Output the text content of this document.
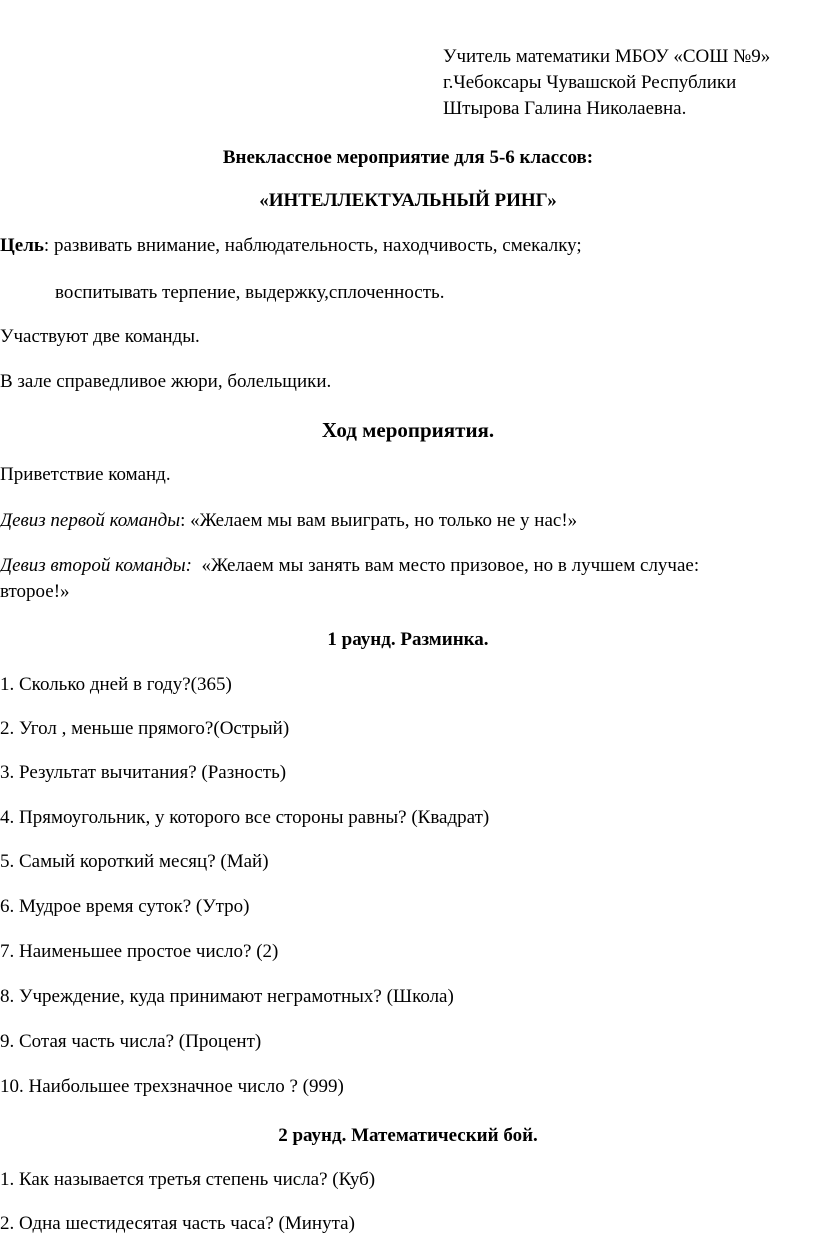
Учитель математики МБОУ «СОШ №9»

г.Чебоксары Чувашской Республики

Штырова Галина Николаевна.

Внеклассное мероприятие для 5-6 классов:

«ИНТЕЛЛЕКТУАЛЬНЫЙ РИНГ»

Цель: развивать внимание, наблюдательность, находчивость, смекалку;

воспитывать терпение, выдержку,сплоченность.

Участвуют две команды.

В зале справедливое жюри, болельщики.

Ход мероприятия.

Приветствие команд.

Девиз первой команды: «Желаем мы вам выиграть, но только не у нас!»

Девиз второй команды: «Желаем мы занять вам место призовое, но в лучшем случае:

второе!»

1 раунд. Разминка.

1. Сколько дней в году?(365)

2. Угол , меньше прямого?(Острый)

3. Результат вычитания? (Разность)

4. Прямоугольник, у которого все стороны равны? (Квадрат)

5. Самый короткий месяц? (Май)

6. Мудрое время суток? (Утро)

7. Наименьшее простое число? (2)

8. Учреждение, куда принимают неграмотных? (Школа)

9. Сотая часть числа? (Процент)

10. Наибольшее трехзначное число ? (999)

2 раунд. Математический бой.

1. Как называется третья степень числа? (Куб)

2. Одна шестидесятая часть часа? (Минута)
